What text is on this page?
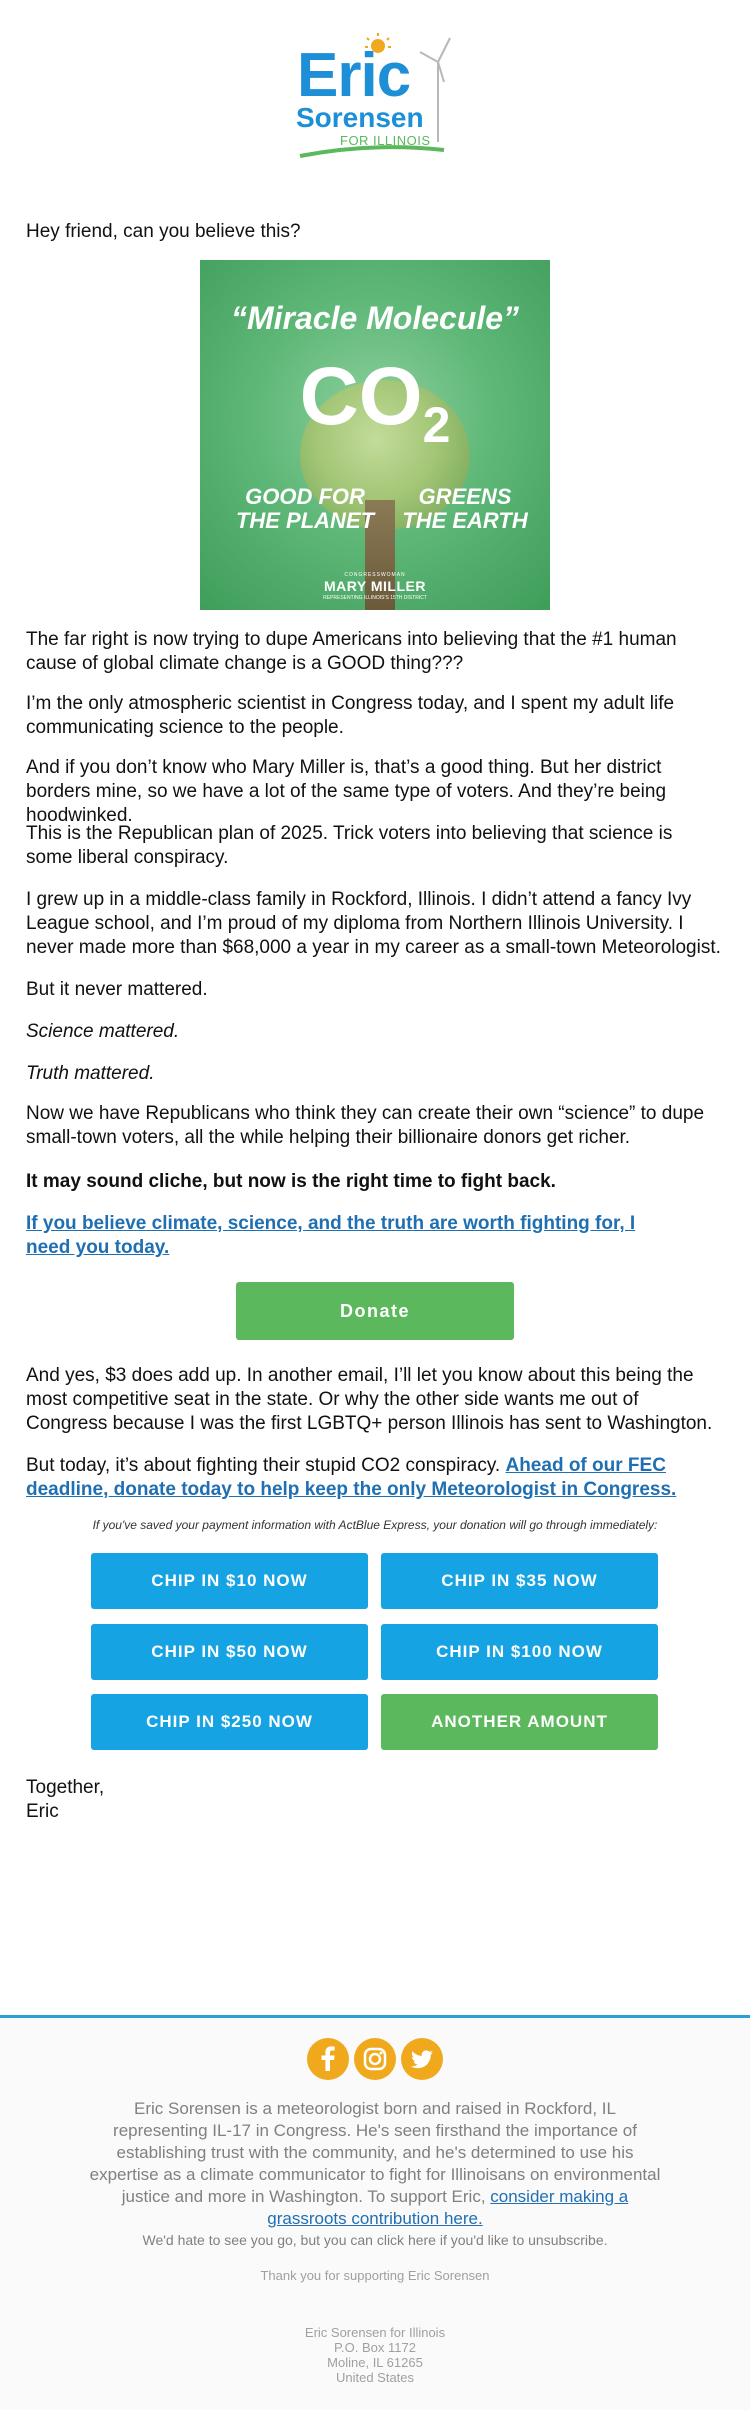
Eric
Sorensen
FOR ILLINOIS

Hey friend, can you believe this?

“Miracle Molecule”
$CO_2$
GOOD FOR
THE PLANET
GREENS
THE EARTH
CONGRESSWOMAN
MARY MILLER
REPRESENTING ILLINOIS'S 15TH DISTRICT

The far right is now trying to dupe Americans into believing that the #1 human cause of global climate change is a GOOD thing???

I’m the only atmospheric scientist in Congress today, and I spent my adult life communicating science to the people.

And if you don’t know who Mary Miller is, that’s a good thing. But her district borders mine, so we have a lot of the same type of voters. And they’re being hoodwinked.

This is the Republican plan of 2025. Trick voters into believing that science is some liberal conspiracy.

I grew up in a middle-class family in Rockford, Illinois. I didn’t attend a fancy Ivy League school, and I’m proud of my diploma from Northern Illinois University. I never made more than $68,000 a year in my career as a small-town Meteorologist.

But it never mattered.

Science mattered.

Truth mattered.

Now we have Republicans who think they can create their own “science” to dupe small-town voters, all the while helping their billionaire donors get richer.

It may sound cliche, but now is the right time to fight back.

If you believe climate, science, and the truth are worth fighting for, I need you today.

Donate

And yes, $3 does add up. In another email, I’ll let you know about this being the most competitive seat in the state. Or why the other side wants me out of Congress because I was the first LGBTQ+ person Illinois has sent to Washington.

But today, it’s about fighting their stupid CO2 conspiracy. Ahead of our FEC deadline, donate today to help keep the only Meteorologist in Congress.

If you've saved your payment information with ActBlue Express, your donation will go through immediately:
CHIP IN $10 NOW	CHIP IN $35 NOW
CHIP IN $50 NOW	CHIP IN $100 NOW
CHIP IN $250 NOW	ANOTHER AMOUNT

Together,

Eric

Eric Sorensen is a meteorologist born and raised in Rockford, IL representing IL-17 in Congress. He's seen firsthand the importance of establishing trust with the community, and he's determined to use his expertise as a climate communicator to fight for Illinoisans on environmental justice and more in Washington. To support Eric, consider making a grassroots contribution here.

We'd hate to see you go, but you can click here if you'd like to unsubscribe.
Thank you for supporting Eric Sorensen
Eric Sorensen for Illinois
P.O. Box 1172
Moline, IL 61265
United States
